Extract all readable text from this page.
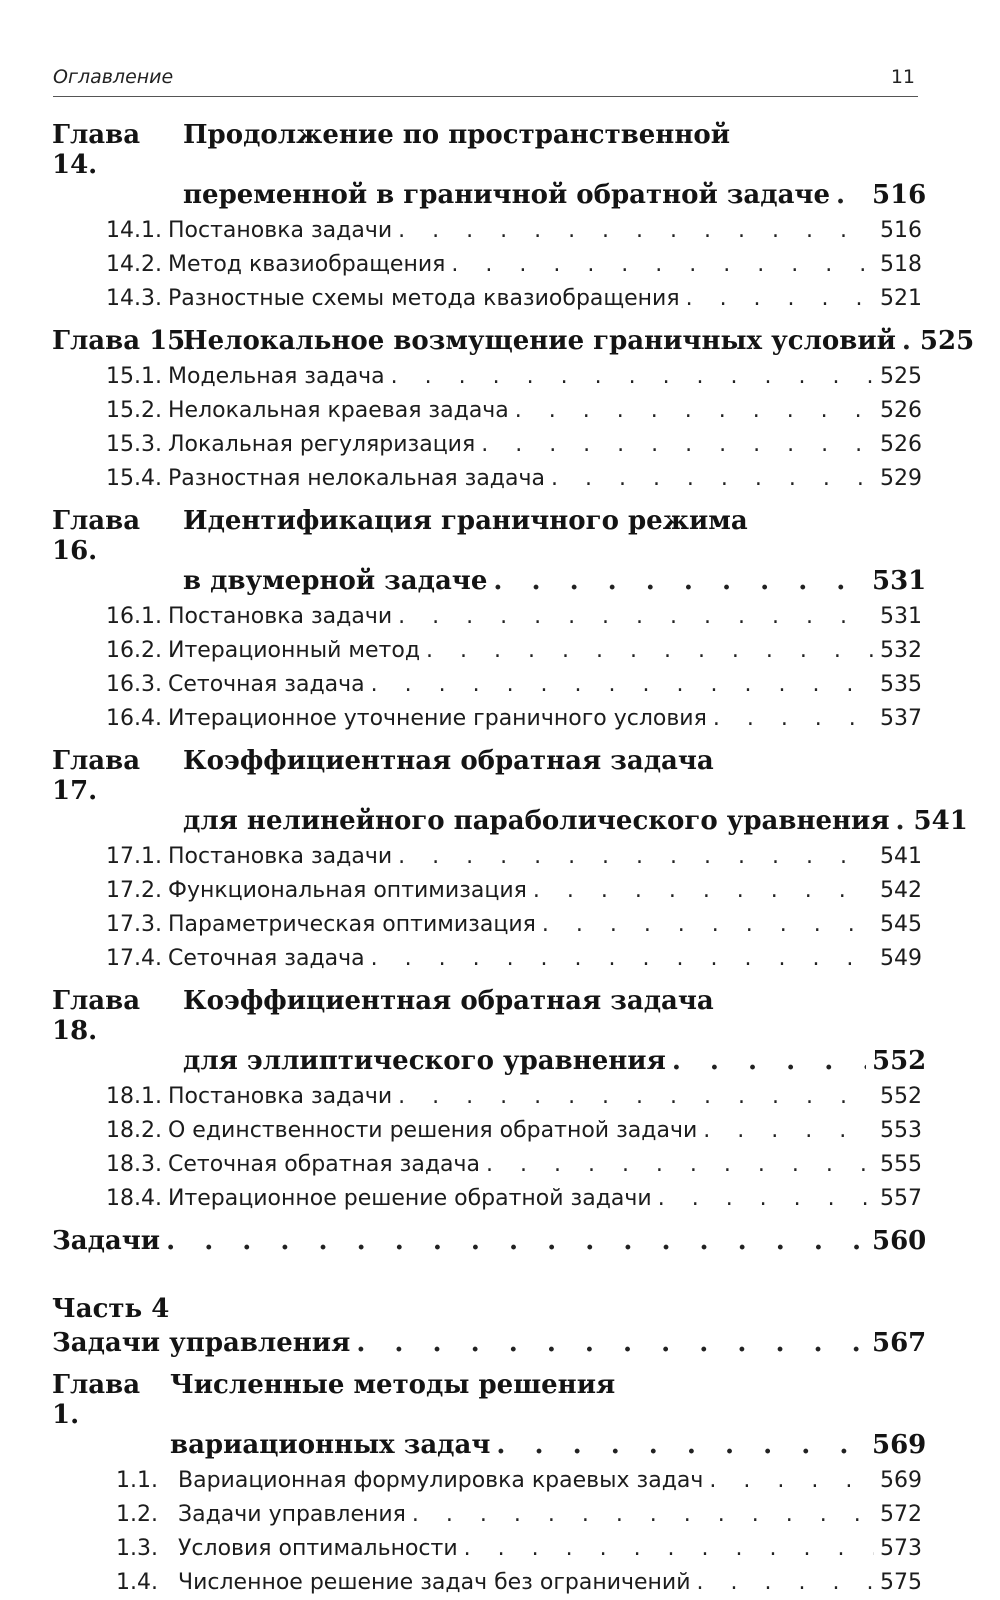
Оглавление	11
Глава 14.
Продолжение по пространственной
переменной в граничной обратной задаче . . . 516
14.1. Постановка задачи . . .	516
14.2. Метод квазиобращения . . .	518
14.3. Разностные схемы метода квазиобращения . . .	521
Глава 15.
Нелокальное возмущение граничных условий . . . 525
15.1. Модельная задача . . .	525
15.2. Нелокальная краевая задача . . .	526
15.3. Локальная регуляризация . . .	526
15.4. Разностная нелокальная задача . . .	529
Глава 16.
Идентификация граничного режима
в двумерной задаче . . .	531
16.1. Постановка задачи . . .	531
16.2. Итерационный метод . . .	532
16.3. Сеточная задача . . .	535
16.4. Итерационное уточнение граничного условия . . .	537
Глава 17.
Коэффициентная обратная задача
для нелинейного параболического уравнения . . . 541
17.1. Постановка задачи . . .	541
17.2. Функциональная оптимизация . . .	542
17.3. Параметрическая оптимизация . . .	545
17.4. Сеточная задача . . .	549
Глава 18.
Коэффициентная обратная задача
для эллиптического уравнения . . .	552
18.1. Постановка задачи . . .	552
18.2. О единственности решения обратной задачи . . .	553
18.3. Сеточная обратная задача . . .	555
18.4. Итерационное решение обратной задачи . . .	557
Задачи . . .	560
Часть 4
Задачи управления . . .	567
Глава 1.
Численные методы решения
вариационных задач . . .	569
1.1. Вариационная формулировка краевых задач . . .	569
1.2. Задачи управления . . .	572
1.3. Условия оптимальности . . .	573
1.4. Численное решение задач без ограничений . . .	575
